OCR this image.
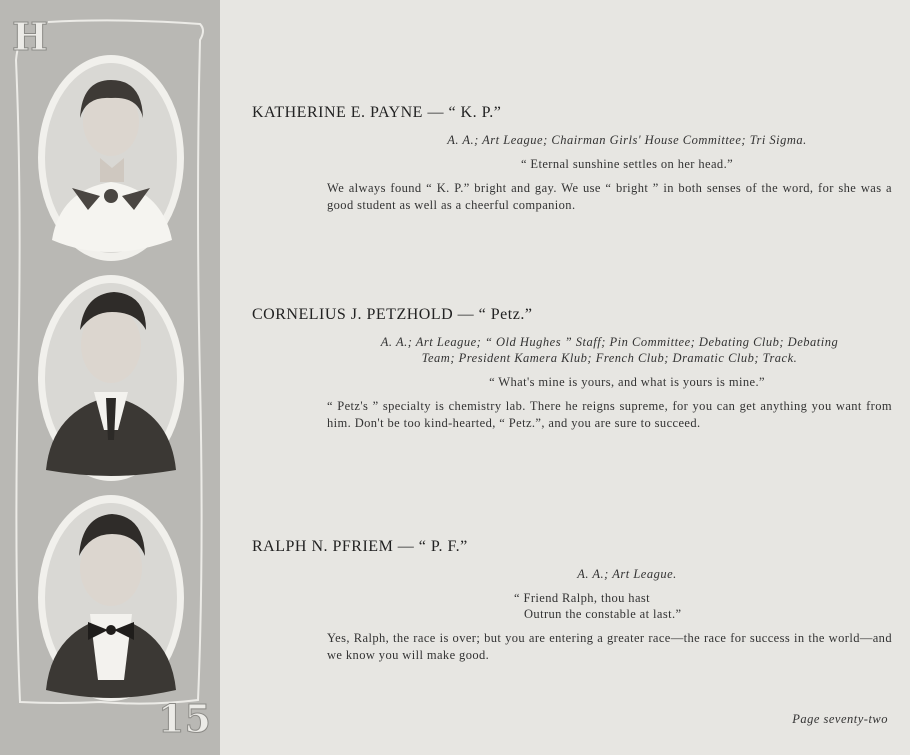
H
15

KATHERINE E. PAYNE — “ K. P.”

A. A.; Art League; Chairman Girls' House Committee; Tri Sigma.

“ Eternal sunshine settles on her head.”

We always found “ K. P.” bright and gay. We use “ bright ” in both senses of the word, for she was a good student as well as a cheerful companion.

CORNELIUS J. PETZHOLD — “ Petz.”

A. A.; Art League; “ Old Hughes ” Staff; Pin Committee; Debating Club; Debating
Team; President Kamera Klub; French Club; Dramatic Club; Track.

“ What's mine is yours, and what is yours is mine.”

“ Petz's ” specialty is chemistry lab. There he reigns supreme, for you can get anything you want from him. Don't be too kind-hearted, “ Petz.”, and you are sure to succeed.

RALPH N. PFRIEM — “ P. F.”

A. A.; Art League.

“ Friend Ralph, thou hast
Outrun the constable at last.”

Yes, Ralph, the race is over; but you are entering a greater race—the race for success in the world—and we know you will make good.

Page seventy-two
